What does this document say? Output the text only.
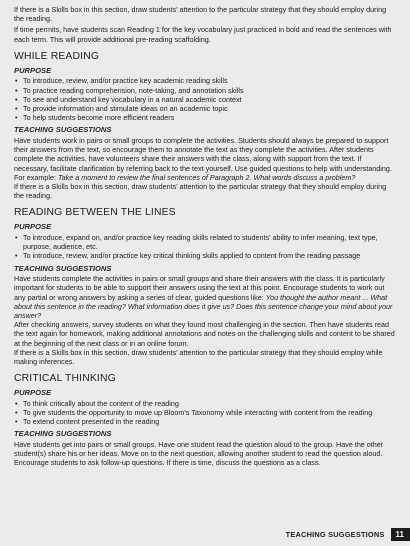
If there is a Skills box in this section, draw students' attention to the particular strategy that they should employ during the reading.

If time permits, have students scan Reading 1 for the key vocabulary just practiced in bold and read the sentences with each term. This will provide additional pre-reading scaffolding.

WHILE READING
PURPOSE
• To introduce, review, and/or practice key academic reading skills
• To practice reading comprehension, note-taking, and annotation skills
• To see and understand key vocabulary in a natural academic context
• To provide information and stimulate ideas on an academic topic
• To help students become more efficient readers
TEACHING SUGGESTIONS

Have students work in pairs or small groups to complete the activities. Students should always be prepared to support their answers from the text, so encourage them to annotate the text as they complete the activities. After students complete the activities, have volunteers share their answers with the class, along with support from the text. If necessary, facilitate clarification by referring back to the text yourself. Use guided questions to help with understanding. For example: Take a moment to review the final sentences of Paragraph 2. What words discuss a problem?

If there is a Skills box in this section, draw students' attention to the particular strategy that they should employ during the reading.

READING BETWEEN THE LINES
PURPOSE
• To introduce, expand on, and/or practice key reading skills related to students' ability to infer meaning, text type, purpose, audience, etc.
• To introduce, review, and/or practice key critical thinking skills applied to content from the reading passage
TEACHING SUGGESTIONS

Have students complete the activities in pairs or small groups and share their answers with the class. It is particularly important for students to be able to support their answers using the text at this point. Encourage students to work out any partial or wrong answers by asking a series of clear, guided questions like: You thought the author meant ... What about this sentence in the reading? What information does it give us? Does this sentence change your mind about your answer?

After checking answers, survey students on what they found most challenging in the section. Then have students read the text again for homework, making additional annotations and notes on the challenging skills and content to be shared at the beginning of the next class or in an online forum.

If there is a Skills box in this section, draw students' attention to the particular strategy that they should employ while making inferences.

CRITICAL THINKING
PURPOSE
• To think critically about the content of the reading
• To give students the opportunity to move up Bloom's Taxonomy while interacting with content from the reading
• To extend content presented in the reading
TEACHING SUGGESTIONS

Have students get into pairs or small groups. Have one student read the question aloud to the group. Have the other student(s) share his or her ideas. Move on to the next question, allowing another student to read the question aloud. Encourage students to ask follow-up questions. If there is time, discuss the questions as a class.

TEACHING SUGGESTIONS	11
